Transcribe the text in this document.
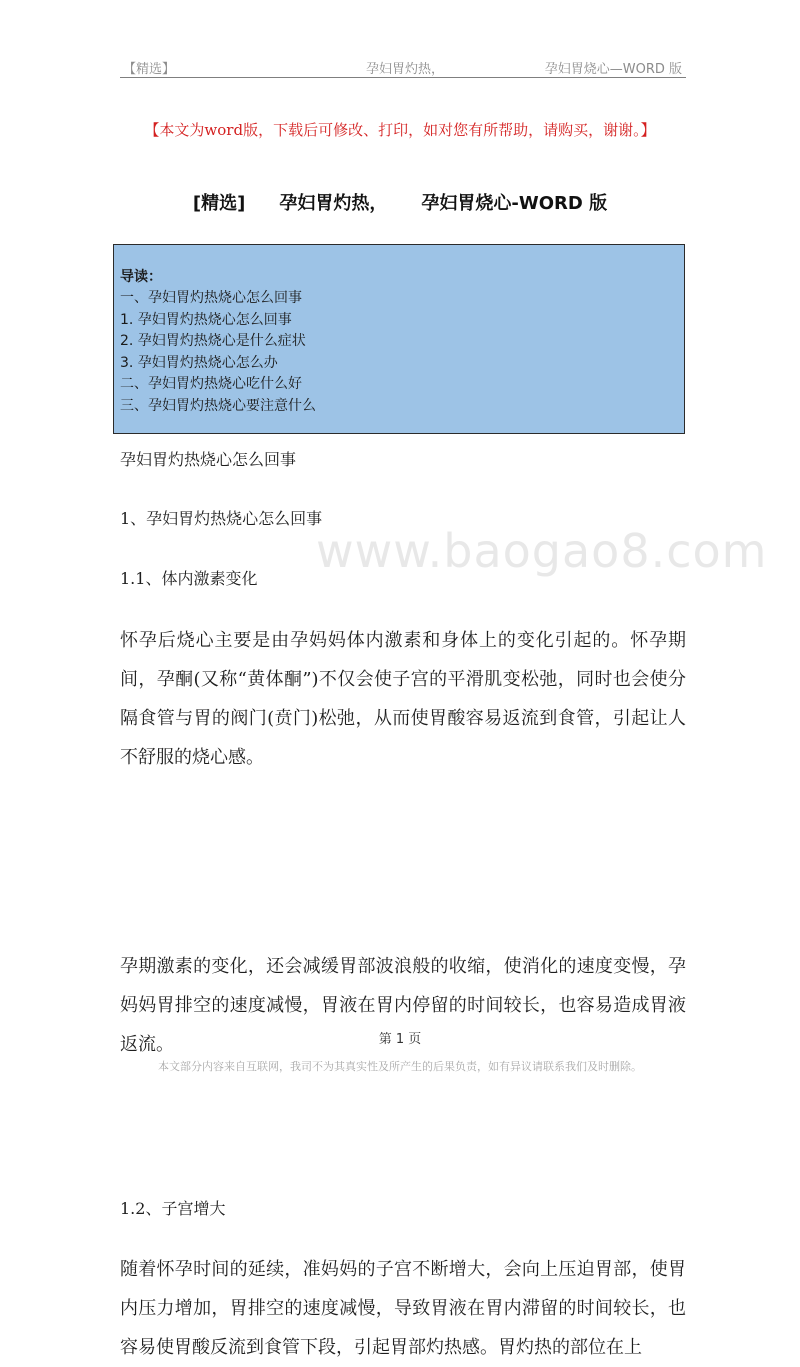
【精选】	孕妇胃灼热，	孕妇胃烧心—WORD 版
【本文为word版，下载后可修改、打印，如对您有所帮助，请购买，谢谢。】
[精选] 孕妇胃灼热， 孕妇胃烧心-WORD 版
导读：
一、孕妇胃灼热烧心怎么回事
1. 孕妇胃灼热烧心怎么回事
2. 孕妇胃灼热烧心是什么症状
3. 孕妇胃灼热烧心怎么办
二、孕妇胃灼热烧心吃什么好
三、孕妇胃灼热烧心要注意什么
www.baogao8.com
孕妇胃灼热烧心怎么回事
1、孕妇胃灼热烧心怎么回事
1.1、体内激素变化

怀孕后烧心主要是由孕妈妈体内激素和身体上的变化引起的。怀孕期间，孕酮(又称“黄体酮”)不仅会使子宫的平滑肌变松弛，同时也会使分隔食管与胃的阀门(贲门)松弛，从而使胃酸容易返流到食管，引起让人不舒服的烧心感。

孕期激素的变化，还会减缓胃部波浪般的收缩，使消化的速度变慢，孕妈妈胃排空的速度减慢，胃液在胃内停留的时间较长，也容易造成胃液返流。

1.2、子宫增大

随着怀孕时间的延续，准妈妈的子宫不断增大，会向上压迫胃部，使胃内压力增加，胃排空的速度减慢，导致胃液在胃内滞留的时间较长，也容易使胃酸反流到食管下段，引起胃部灼热感。胃灼热的部位在上

第 1 页
本文部分内容来自互联网，我司不为其真实性及所产生的后果负责，如有异议请联系我们及时删除。
